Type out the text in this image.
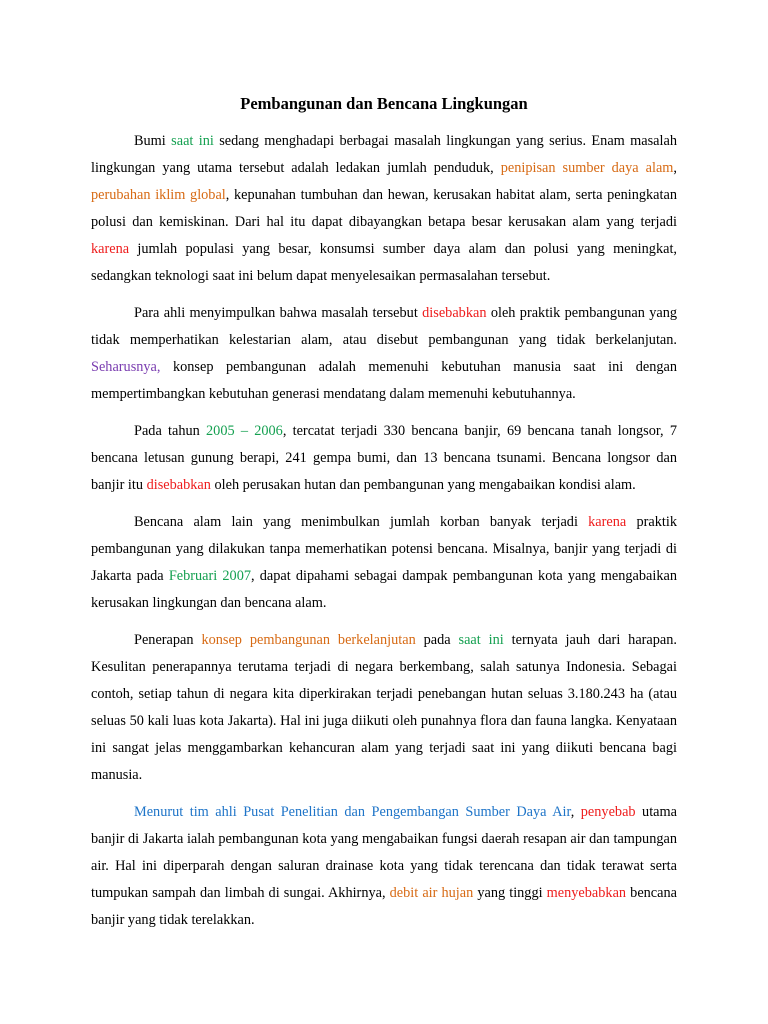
Pembangunan dan Bencana Lingkungan

Bumi saat ini sedang menghadapi berbagai masalah lingkungan yang serius. Enam masalah lingkungan yang utama tersebut adalah ledakan jumlah penduduk, penipisan sumber daya alam, perubahan iklim global, kepunahan tumbuhan dan hewan, kerusakan habitat alam, serta peningkatan polusi dan kemiskinan. Dari hal itu dapat dibayangkan betapa besar kerusakan alam yang terjadi karena jumlah populasi yang besar, konsumsi sumber daya alam dan polusi yang meningkat, sedangkan teknologi saat ini belum dapat menyelesaikan permasalahan tersebut.

Para ahli menyimpulkan bahwa masalah tersebut disebabkan oleh praktik pembangunan yang tidak memperhatikan kelestarian alam, atau disebut pembangunan yang tidak berkelanjutan. Seharusnya, konsep pembangunan adalah memenuhi kebutuhan manusia saat ini dengan mempertimbangkan kebutuhan generasi mendatang dalam memenuhi kebutuhannya.

Pada tahun 2005 – 2006, tercatat terjadi 330 bencana banjir, 69 bencana tanah longsor, 7 bencana letusan gunung berapi, 241 gempa bumi, dan 13 bencana tsunami. Bencana longsor dan banjir itu disebabkan oleh perusakan hutan dan pembangunan yang mengabaikan kondisi alam.

Bencana alam lain yang menimbulkan jumlah korban banyak terjadi karena praktik pembangunan yang dilakukan tanpa memerhatikan potensi bencana. Misalnya, banjir yang terjadi di Jakarta pada Februari 2007, dapat dipahami sebagai dampak pembangunan kota yang mengabaikan kerusakan lingkungan dan bencana alam.

Penerapan konsep pembangunan berkelanjutan pada saat ini ternyata jauh dari harapan. Kesulitan penerapannya terutama terjadi di negara berkembang, salah satunya Indonesia. Sebagai contoh, setiap tahun di negara kita diperkirakan terjadi penebangan hutan seluas 3.180.243 ha (atau seluas 50 kali luas kota Jakarta). Hal ini juga diikuti oleh punahnya flora dan fauna langka. Kenyataan ini sangat jelas menggambarkan kehancuran alam yang terjadi saat ini yang diikuti bencana bagi manusia.

Menurut tim ahli Pusat Penelitian dan Pengembangan Sumber Daya Air, penyebab utama banjir di Jakarta ialah pembangunan kota yang mengabaikan fungsi daerah resapan air dan tampungan air. Hal ini diperparah dengan saluran drainase kota yang tidak terencana dan tidak terawat serta tumpukan sampah dan limbah di sungai. Akhirnya, debit air hujan yang tinggi menyebabkan bencana banjir yang tidak terelakkan.
